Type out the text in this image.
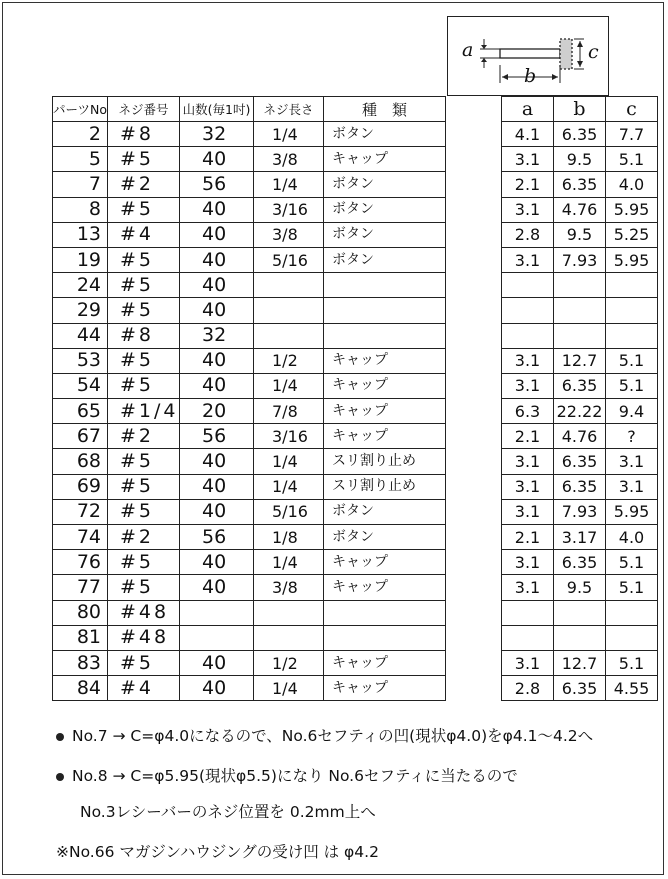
a
b
c
パーツNo	ネジ番号	山数(毎1吋)	ネジ長さ	種　類		a	b	c
2	#8	32	1/4	ボタン		4.1	6.35	7.7
5	#5	40	3/8	キャップ		3.1	9.5	5.1
7	#2	56	1/4	ボタン		2.1	6.35	4.0
8	#5	40	3/16	ボタン		3.1	4.76	5.95
13	#4	40	3/8	ボタン		2.8	9.5	5.25
19	#5	40	5/16	ボタン		3.1	7.93	5.95
24	#5	40						
29	#5	40						
44	#8	32						
53	#5	40	1/2	キャップ		3.1	12.7	5.1
54	#5	40	1/4	キャップ		3.1	6.35	5.1
65	#1/4	20	7/8	キャップ		6.3	22.22	9.4
67	#2	56	3/16	キャップ		2.1	4.76	?
68	#5	40	1/4	スリ割り止め		3.1	6.35	3.1
69	#5	40	1/4	スリ割り止め		3.1	6.35	3.1
72	#5	40	5/16	ボタン		3.1	7.93	5.95
74	#2	56	1/8	ボタン		2.1	3.17	4.0
76	#5	40	1/4	キャップ		3.1	6.35	5.1
77	#5	40	3/8	キャップ		3.1	9.5	5.1
80	#48							
81	#48							
83	#5	40	1/2	キャップ		3.1	12.7	5.1
84	#4	40	1/4	キャップ		2.8	6.35	4.55
No.7 → C=φ4.0になるので、No.6セフティの凹(現状φ4.0)をφ4.1〜4.2へ
No.8 → C=φ5.95(現状φ5.5)になり No.6セフティに当たるので
No.3レシーバーのネジ位置を 0.2mm上へ
※No.66 マガジンハウジングの受け凹 は φ4.2
